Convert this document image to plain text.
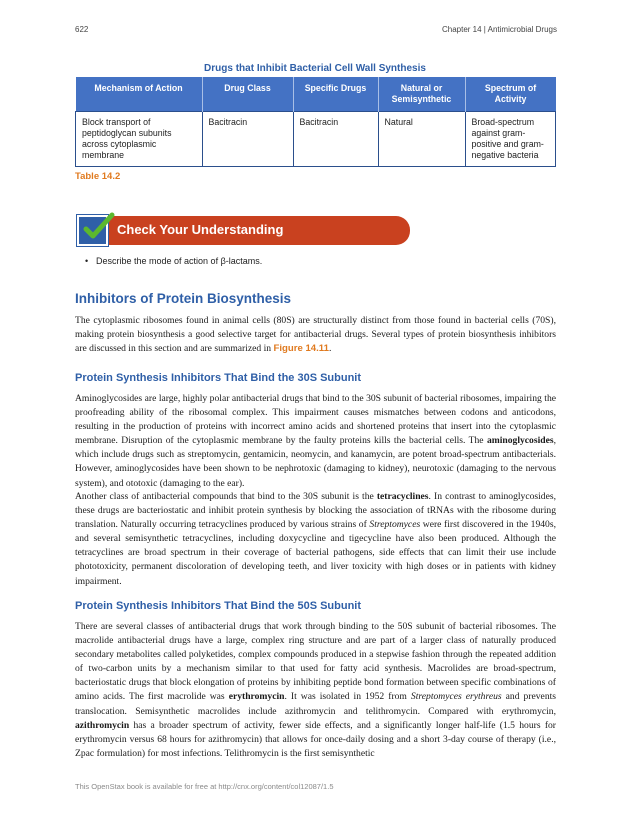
622	Chapter 14 | Antimicrobial Drugs
Drugs that Inhibit Bacterial Cell Wall Synthesis
Mechanism of Action	Drug Class	Specific Drugs	Natural or Semisynthetic	Spectrum of Activity
Block transport of peptidoglycan subunits across cytoplasmic membrane	Bacitracin	Bacitracin	Natural	Broad-spectrum against gram-positive and gram-negative bacteria
Table 14.2
Check Your Understanding
• Describe the mode of action of β-lactams.
Inhibitors of Protein Biosynthesis

The cytoplasmic ribosomes found in animal cells (80S) are structurally distinct from those found in bacterial cells (70S), making protein biosynthesis a good selective target for antibacterial drugs. Several types of protein biosynthesis inhibitors are discussed in this section and are summarized in Figure 14.11.

Protein Synthesis Inhibitors That Bind the 30S Subunit

Aminoglycosides are large, highly polar antibacterial drugs that bind to the 30S subunit of bacterial ribosomes, impairing the proofreading ability of the ribosomal complex. This impairment causes mismatches between codons and anticodons, resulting in the production of proteins with incorrect amino acids and shortened proteins that insert into the cytoplasmic membrane. Disruption of the cytoplasmic membrane by the faulty proteins kills the bacterial cells. The aminoglycosides, which include drugs such as streptomycin, gentamicin, neomycin, and kanamycin, are potent broad-spectrum antibacterials. However, aminoglycosides have been shown to be nephrotoxic (damaging to kidney), neurotoxic (damaging to the nervous system), and ototoxic (damaging to the ear).

Another class of antibacterial compounds that bind to the 30S subunit is the tetracyclines. In contrast to aminoglycosides, these drugs are bacteriostatic and inhibit protein synthesis by blocking the association of tRNAs with the ribosome during translation. Naturally occurring tetracyclines produced by various strains of Streptomyces were first discovered in the 1940s, and several semisynthetic tetracyclines, including doxycycline and tigecycline have also been produced. Although the tetracyclines are broad spectrum in their coverage of bacterial pathogens, side effects that can limit their use include phototoxicity, permanent discoloration of developing teeth, and liver toxicity with high doses or in patients with kidney impairment.

Protein Synthesis Inhibitors That Bind the 50S Subunit

There are several classes of antibacterial drugs that work through binding to the 50S subunit of bacterial ribosomes. The macrolide antibacterial drugs have a large, complex ring structure and are part of a larger class of naturally produced secondary metabolites called polyketides, complex compounds produced in a stepwise fashion through the repeated addition of two-carbon units by a mechanism similar to that used for fatty acid synthesis. Macrolides are broad-spectrum, bacteriostatic drugs that block elongation of proteins by inhibiting peptide bond formation between specific combinations of amino acids. The first macrolide was erythromycin. It was isolated in 1952 from Streptomyces erythreus and prevents translocation. Semisynthetic macrolides include azithromycin and telithromycin. Compared with erythromycin, azithromycin has a broader spectrum of activity, fewer side effects, and a significantly longer half-life (1.5 hours for erythromycin versus 68 hours for azithromycin) that allows for once-daily dosing and a short 3-day course of therapy (i.e., Zpac formulation) for most infections. Telithromycin is the first semisynthetic

This OpenStax book is available for free at http://cnx.org/content/col12087/1.5
